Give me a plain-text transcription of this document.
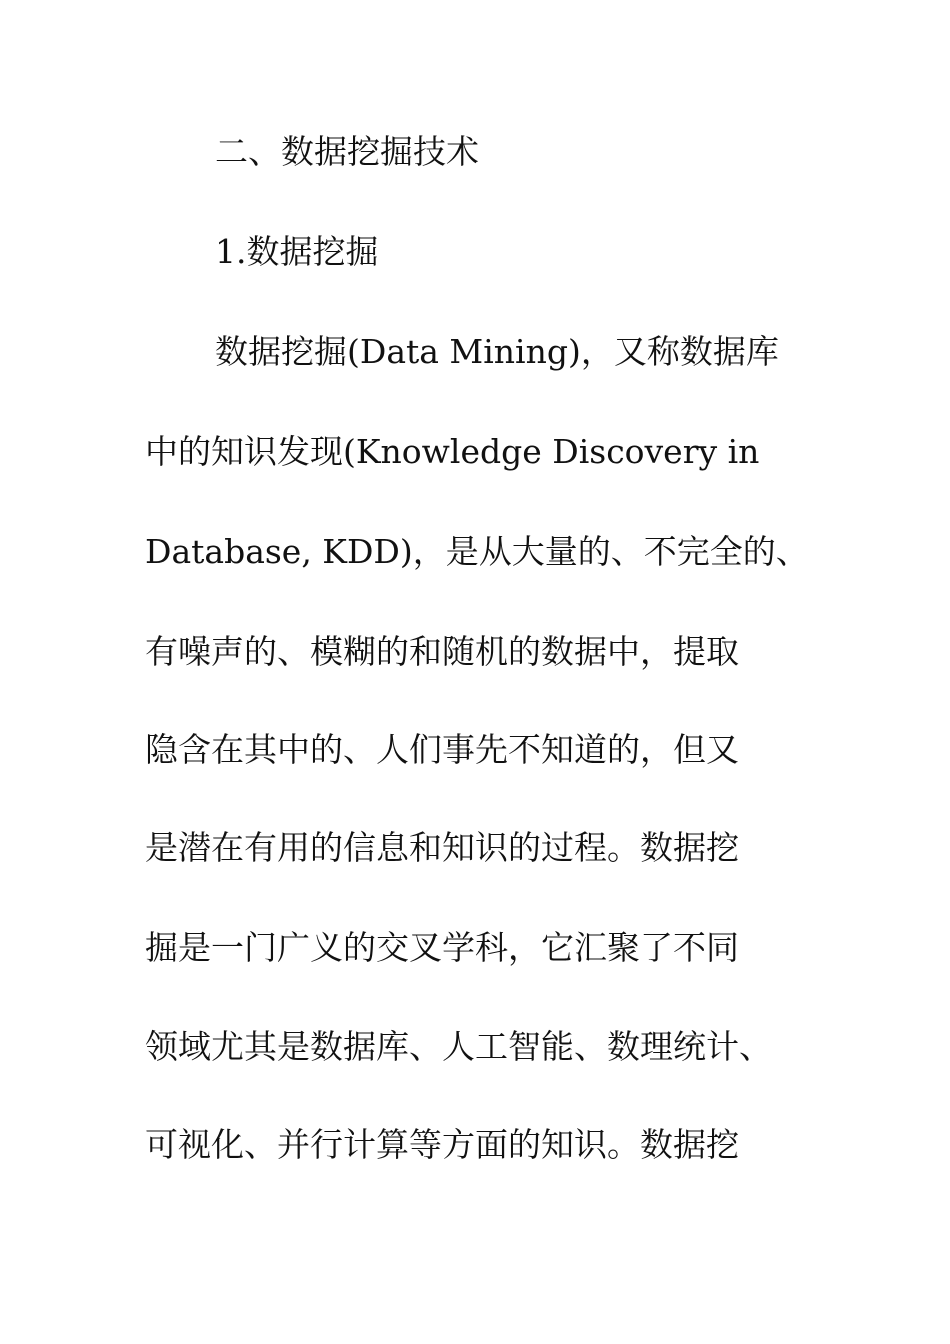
二、数据挖掘技术
1.数据挖掘
数据挖掘(Data Mining)，又称数据库
中的知识发现(Knowledge Discovery in
Database, KDD)，是从大量的、不完全的、
有噪声的、模糊的和随机的数据中，提取
隐含在其中的、人们事先不知道的，但又
是潜在有用的信息和知识的过程。数据挖
掘是一门广义的交叉学科，它汇聚了不同
领域尤其是数据库、人工智能、数理统计、
可视化、并行计算等方面的知识。数据挖
